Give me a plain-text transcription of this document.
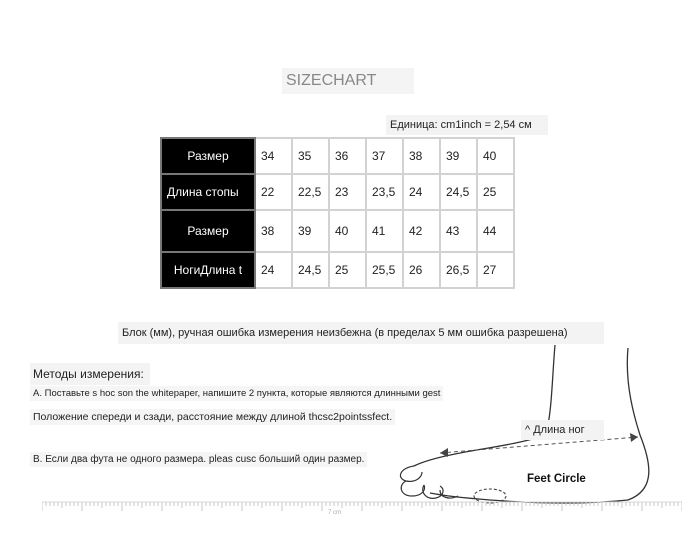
SIZECHART
Единица: cm1inch = 2,54 см
Размер	34	35	36	37	38	39	40
Длина стопы	22	22,5	23	23,5	24	24,5	25
Размер	38	39	40	41	42	43	44
НогиДлина t	24	24,5	25	25,5	26	26,5	27
Блок (мм), ручная ошибка измерения неизбежна (в пределах 5 мм ошибка разрешена)
Методы измерения:
A. Поставьте s hoc son the whitepaper, напишите 2 пункта, которые являются длинными gest
Положение спереди и сзади, расстояние между длиной thcsc2pointssfect.
B. Если два фута не одного размера. pleas cusc больший один размер.
^ Длина ног
Feet Circle
7 cm
